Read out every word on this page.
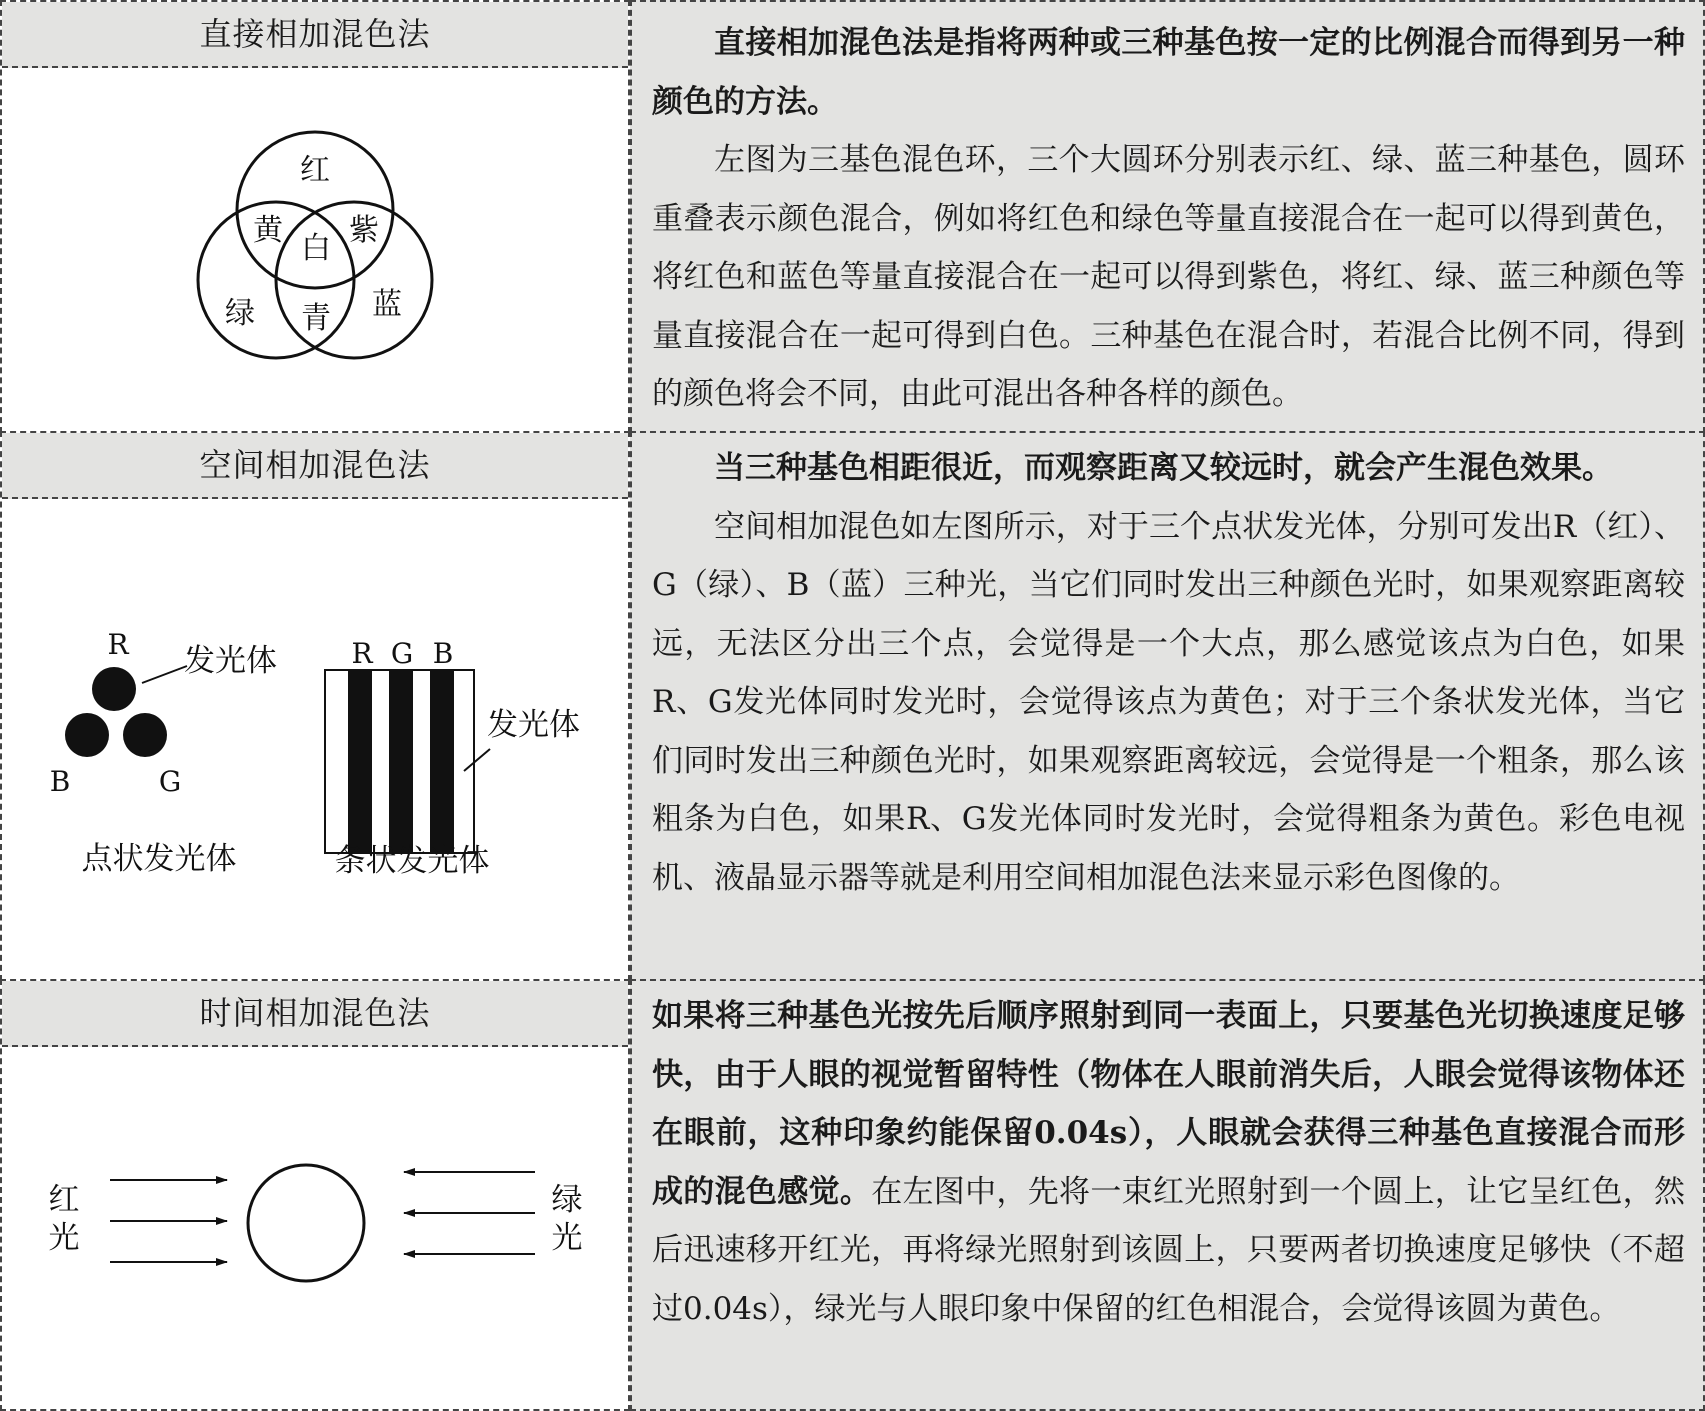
直接相加混色法
红
黄 紫
白
绿	蓝
青

直接相加混色法是指将两种或三种基色按一定的比例混合而得到另一种颜色的方法。

左图为三基色混色环，三个大圆环分别表示红、绿、蓝三种基色，圆环重叠表示颜色混合，例如将红色和绿色等量直接混合在一起可以得到黄色，将红色和蓝色等量直接混合在一起可以得到紫色，将红、绿、蓝三种颜色等量直接混合在一起可得到白色。三种基色在混合时，若混合比例不同，得到的颜色将会不同，由此可混出各种各样的颜色。

空间相加混色法
R
B	G
发光体
点状发光体
R G B
发光体
条状发光体

当三种基色相距很近，而观察距离又较远时，就会产生混色效果。

空间相加混色如左图所示，对于三个点状发光体，分别可发出R（红）、G（绿）、B（蓝）三种光，当它们同时发出三种颜色光时，如果观察距离较远，无法区分出三个点，会觉得是一个大点，那么感觉该点为白色，如果R、G发光体同时发光时，会觉得该点为黄色；对于三个条状发光体，当它们同时发出三种颜色光时，如果观察距离较远，会觉得是一个粗条，那么该粗条为白色，如果R、G发光体同时发光时，会觉得粗条为黄色。彩色电视机、液晶显示器等就是利用空间相加混色法来显示彩色图像的。

时间相加混色法
红
光
绿
光

如果将三种基色光按先后顺序照射到同一表面上，只要基色光切换速度足够快，由于人眼的视觉暂留特性（物体在人眼前消失后，人眼会觉得该物体还在眼前，这种印象约能保留0.04s），人眼就会获得三种基色直接混合而形成的混色感觉。

在左图中，先将一束红光照射到一个圆上，让它呈红色，然后迅速移开红光，再将绿光照射到该圆上，只要两者切换速度足够快（不超过0.04s），绿光与人眼印象中保留的红色相混合，会觉得该圆为黄色。
